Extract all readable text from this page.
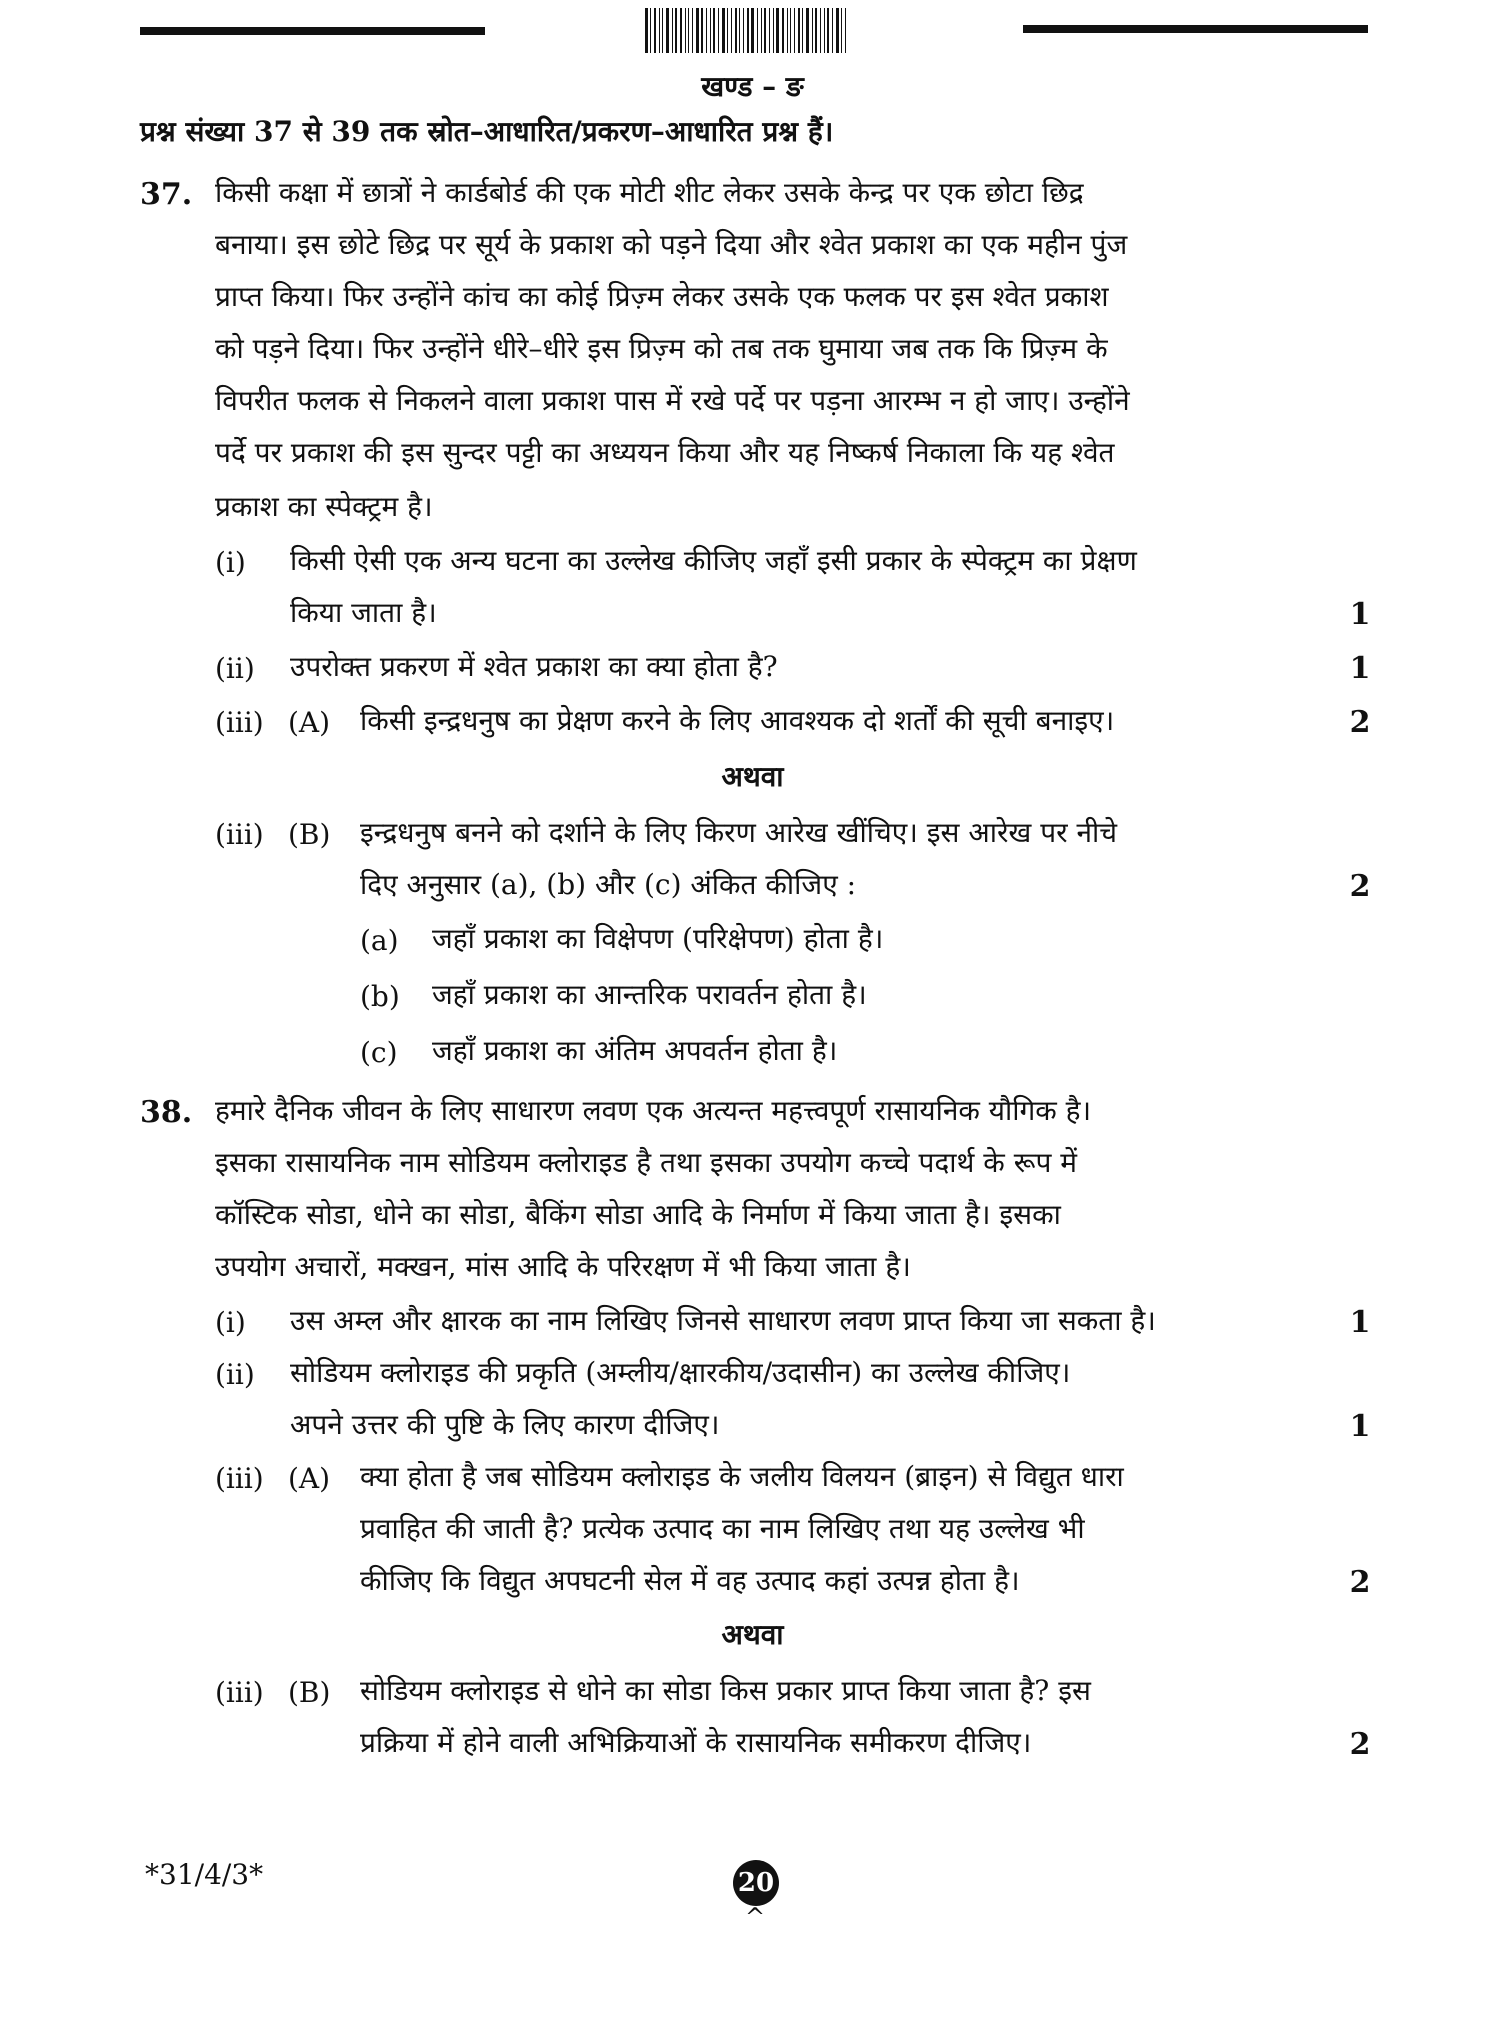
खण्ड – ङ
प्रश्न संख्या 37 से 39 तक स्रोत–आधारित/प्रकरण–आधारित प्रश्न हैं।
37. किसी कक्षा में छात्रों ने कार्डबोर्ड की एक मोटी शीट लेकर उसके केन्द्र पर एक छोटा छिद्र
बनाया। इस छोटे छिद्र पर सूर्य के प्रकाश को पड़ने दिया और श्वेत प्रकाश का एक महीन पुंज
प्राप्त किया। फिर उन्होंने कांच का कोई प्रिज़्म लेकर उसके एक फलक पर इस श्वेत प्रकाश
को पड़ने दिया। फिर उन्होंने धीरे–धीरे इस प्रिज़्म को तब तक घुमाया जब तक कि प्रिज़्म के
विपरीत फलक से निकलने वाला प्रकाश पास में रखे पर्दे पर पड़ना आरम्भ न हो जाए। उन्होंने
पर्दे पर प्रकाश की इस सुन्दर पट्टी का अध्ययन किया और यह निष्कर्ष निकाला कि यह श्वेत
प्रकाश का स्पेक्ट्रम है।
(i) किसी ऐसी एक अन्य घटना का उल्लेख कीजिए जहाँ इसी प्रकार के स्पेक्ट्रम का प्रेक्षण
किया जाता है।	1
(ii) उपरोक्त प्रकरण में श्वेत प्रकाश का क्या होता है?	1
(iii) (A) किसी इन्द्रधनुष का प्रेक्षण करने के लिए आवश्यक दो शर्तों की सूची बनाइए।	2
अथवा
(iii) (B) इन्द्रधनुष बनने को दर्शाने के लिए किरण आरेख खींचिए। इस आरेख पर नीचे
दिए अनुसार (a), (b) और (c) अंकित कीजिए :	2
(a) जहाँ प्रकाश का विक्षेपण (परिक्षेपण) होता है।
(b) जहाँ प्रकाश का आन्तरिक परावर्तन होता है।
(c) जहाँ प्रकाश का अंतिम अपवर्तन होता है।
38. हमारे दैनिक जीवन के लिए साधारण लवण एक अत्यन्त महत्त्वपूर्ण रासायनिक यौगिक है।
इसका रासायनिक नाम सोडियम क्लोराइड है तथा इसका उपयोग कच्चे पदार्थ के रूप में
कॉस्टिक सोडा, धोने का सोडा, बैकिंग सोडा आदि के निर्माण में किया जाता है। इसका
उपयोग अचारों, मक्खन, मांस आदि के परिरक्षण में भी किया जाता है।
(i) उस अम्ल और क्षारक का नाम लिखिए जिनसे साधारण लवण प्राप्त किया जा सकता है।	1
(ii) सोडियम क्लोराइड की प्रकृति (अम्लीय/क्षारकीय/उदासीन) का उल्लेख कीजिए।
अपने उत्तर की पुष्टि के लिए कारण दीजिए।	1
(iii) (A) क्या होता है जब सोडियम क्लोराइड के जलीय विलयन (ब्राइन) से विद्युत धारा
प्रवाहित की जाती है? प्रत्येक उत्पाद का नाम लिखिए तथा यह उल्लेख भी
कीजिए कि विद्युत अपघटनी सेल में वह उत्पाद कहां उत्पन्न होता है।	2
अथवा
(iii) (B) सोडियम क्लोराइड से धोने का सोडा किस प्रकार प्राप्त किया जाता है? इस
प्रक्रिया में होने वाली अभिक्रियाओं के रासायनिक समीकरण दीजिए।	2
*31/4/3*	20
^
